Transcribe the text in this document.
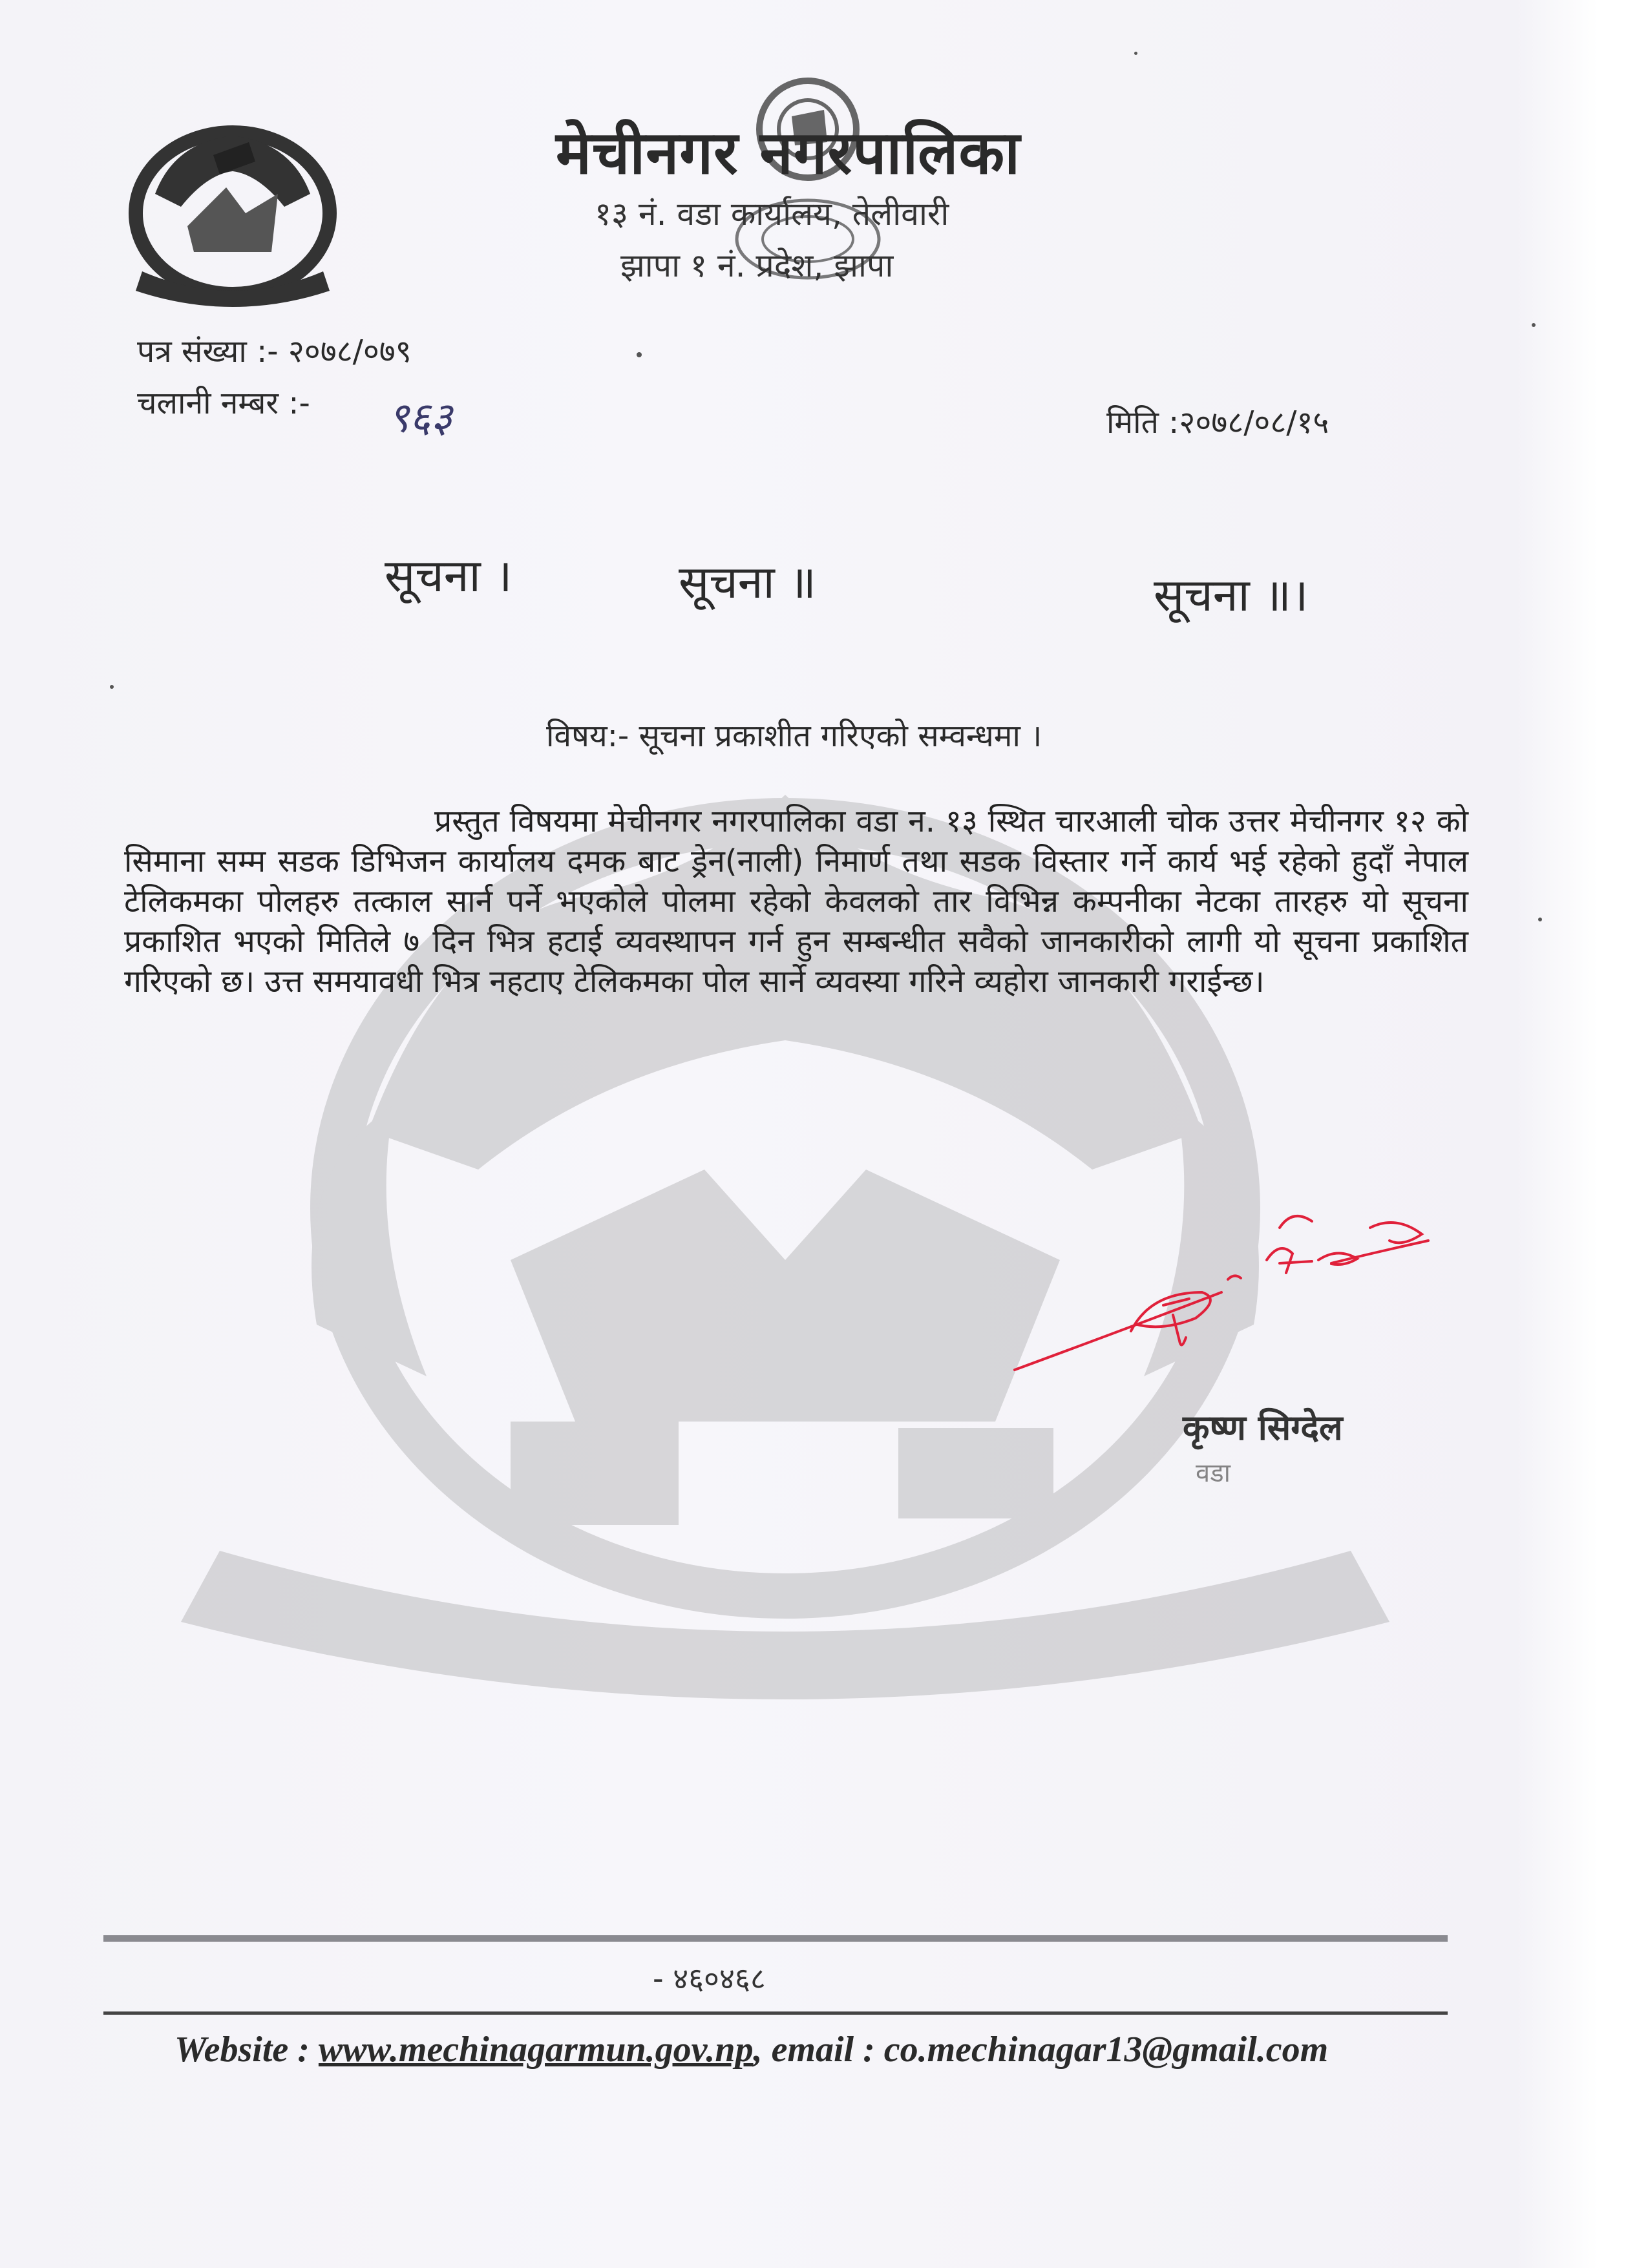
मेचीनगर नगरपालिका
१३ नं. वडा कार्यालय, तेलीवारी
झापा १ नं. प्रदेश, झापा
पत्र संख्या :- २०७८/०७९
चलानी नम्बर :- ९६३	मिति :२०७८/०८/१५
सूचना ।	सूचना ॥	सूचना ॥।
विषय:- सूचना प्रकाशीत गरिएको सम्वन्धमा ।
प्रस्तुत विषयमा मेचीनगर नगरपालिका वडा न. १३ स्थित चारआली चोक उत्तर मेचीनगर १२ को सिमाना सम्म सडक डिभिजन कार्यालय दमक बाट ड्रेन(नाली) निमार्ण तथा सडक विस्तार गर्ने कार्य भई रहेको हुदाँ नेपाल टेलिकमका पोलहरु तत्काल सार्न पर्ने भएकोले पोलमा रहेको केवलको तार विभिन्न कम्पनीका नेटका तारहरु यो सूचना प्रकाशित भएको मितिले ७ दिन भित्र हटाई व्यवस्थापन गर्न हुन सम्बन्धीत सवैको जानकारीको लागी यो सूचना प्रकाशित गरिएको छ। उत्त समयावधी भित्र नहटाए टेलिकमका पोल सार्ने व्यवस्या गरिने व्यहोरा जानकारी गराईन्छ।
कृष्ण सिग्देल
वडा
- ४६०४६८
Website : www.mechinagarmun.gov.np, email : co.mechinagar13@gmail.com
